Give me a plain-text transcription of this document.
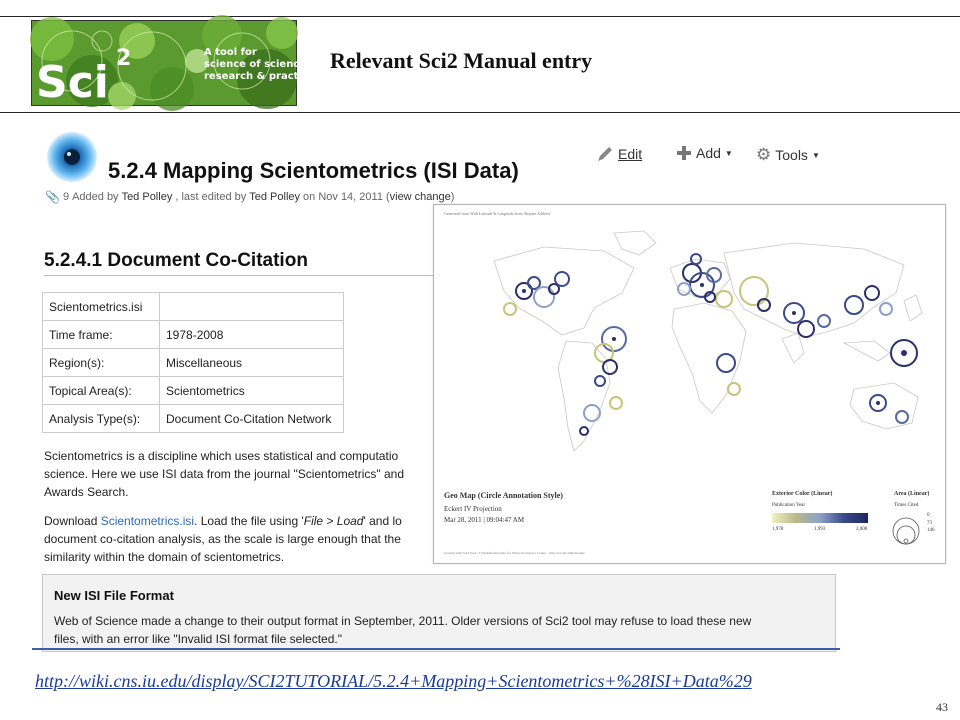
Sci 2	A tool for
science of science
research & practice
Relevant Sci2 Manual entry
5.2.4 Mapping Scientometrics (ISI Data)
Edit	Add ▼ ⚙ Tools ▼
📎 9 Added by Ted Polley , last edited by Ted Polley on Nov 14, 2011 (view change)
5.2.4.1 Document Co-Citation
Scientometrics.isi	
Time frame:	1978-2008
Region(s):	Miscellaneous
Topical Area(s):	Scientometrics
Analysis Type(s):	Document Co-Citation Network
Scientometrics is a discipline which uses statistical and computatio
science. Here we use ISI data from the journal "Scientometrics" and
Awards Search.
Download Scientometrics.isi. Load the file using 'File > Load' and lo
document co-citation analysis, as the scale is large enough that the
similarity within the domain of scientometrics.
New ISI File Format
Web of Science made a change to their output format in September, 2011. Older versions of Sci2 tool may refuse to load these new
files, with an error like "Invalid ISI format file selected."
Generated from With Latitude & Longitude from 'Reprint Address'
Geo Map (Circle Annotation Style)
Eckert IV Projection
Mar 28, 2011 | 09:04:47 AM
Exterior Color (Linear)
Publication Year
1,978	1,993	2,008
Area (Linear)
Times Cited
0
73
146
Created with Sci2 Tool | Cyberinfrastructure for Network Science Center · http://sci.slis.indiana.edu/
http://wiki.cns.iu.edu/display/SCI2TUTORIAL/5.2.4+Mapping+Scientometrics+%28ISI+Data%29
43
